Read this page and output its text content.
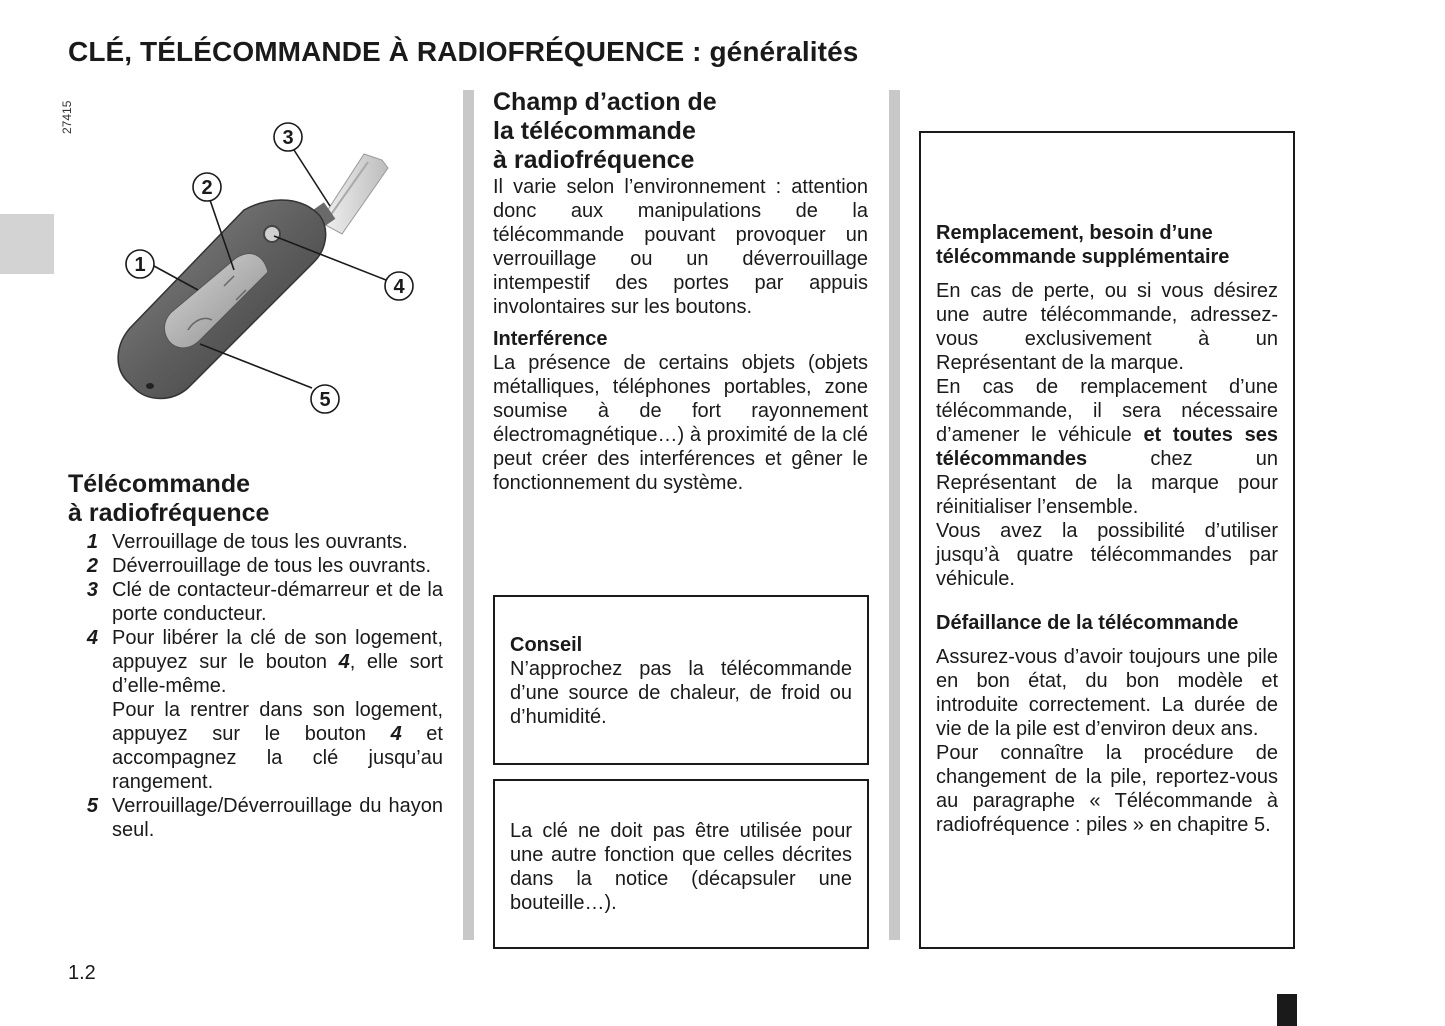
CLÉ, TÉLÉCOMMANDE À RADIOFRÉQUENCE : généralités
27415
1
2
3
4
5
Télécommande
à radiofréquence
1 Verrouillage de tous les ouvrants.
2 Déverrouillage de tous les ouvrants.
3 Clé de contacteur-démarreur et de la porte conducteur.
4 Pour libérer la clé de son logement, appuyez sur le bouton 4, elle sort d’elle-même.
Pour la rentrer dans son logement, appuyez sur le bouton 4 et accompagnez la clé jusqu’au rangement.
5 Verrouillage/Déverrouillage du hayon seul.
Champ d’action de
la télécommande
à radiofréquence
Il varie selon l’environnement : attention donc aux manipulations de la télécommande pouvant provoquer un verrouillage ou un déverrouillage intempestif des portes par appuis involontaires sur les boutons.
Interférence
La présence de certains objets (objets métalliques, téléphones portables, zone soumise à de fort rayonnement électromagnétique…) à proximité de la clé peut créer des interférences et gêner le fonctionnement du système.
Conseil
N’approchez pas la télécommande d’une source de chaleur, de froid ou d’humidité.
La clé ne doit pas être utilisée pour une autre fonction que celles décrites dans la notice (décapsuler une bouteille…).
Remplacement, besoin d’une télécommande supplémentaire
En cas de perte, ou si vous désirez une autre télécommande, adressez-vous exclusivement à un Représentant de la marque.
En cas de remplacement d’une télécommande, il sera nécessaire d’amener le véhicule et toutes ses télécommandes chez un Représentant de la marque pour réinitialiser l’ensemble.
Vous avez la possibilité d’utiliser jusqu’à quatre télécommandes par véhicule.
Défaillance de la télécommande
Assurez-vous d’avoir toujours une pile en bon état, du bon modèle et introduite correctement. La durée de vie de la pile est d’environ deux ans.
Pour connaître la procédure de changement de la pile, reportez-vous au paragraphe « Télécommande à radiofréquence : piles » en chapitre 5.
1.2
